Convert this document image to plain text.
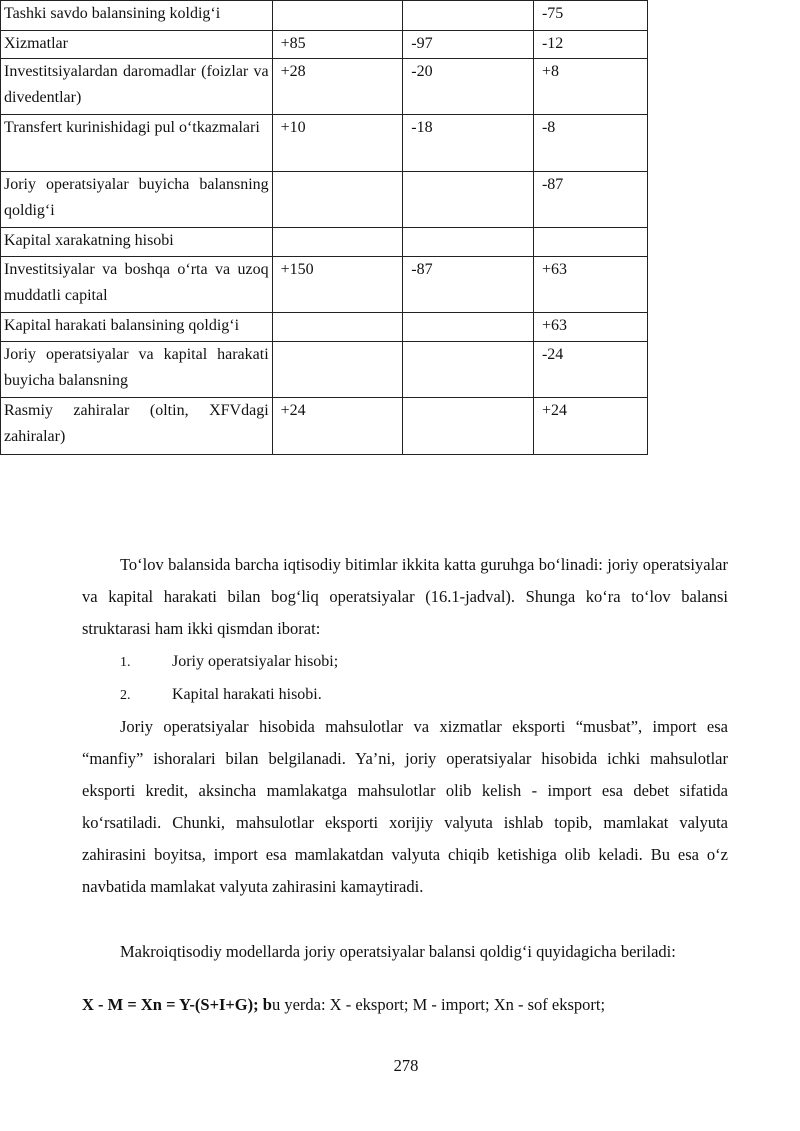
Tashki savdo balansining koldig‘i			-75
Xizmatlar	+85	-97	-12
Investitsiyalardan daromadlar (foizlar va divedentlar)	+28	-20	+8
Transfert kurinishidagi pul o‘tkazmalari	+10	-18	-8
Joriy operatsiyalar buyicha balansning qoldig‘i			-87
Kapital xarakatning hisobi			
Investitsiyalar va boshqa o‘rta va uzoq muddatli capital	+150	-87	+63
Kapital harakati balansining qoldig‘i			+63
Joriy operatsiyalar va kapital harakati buyicha balansning			-24
Rasmiy zahiralar (oltin, XFVdagi zahiralar)	+24		+24

To‘lov balansida barcha iqtisodiy bitimlar ikkita katta guruhga bo‘linadi: joriy operatsiyalar va kapital harakati bilan bog‘liq operatsiyalar (16.1-jadval). Shunga ko‘ra to‘lov balansi struktarasi ham ikki qismdan iborat:

1.	Joriy operatsiyalar hisobi;
2.	Kapital harakati hisobi.

Joriy operatsiyalar hisobida mahsulotlar va xizmatlar eksporti “musbat”, import esa “manfiy” ishoralari bilan belgilanadi. Ya’ni, joriy operatsiyalar hisobida ichki mahsulotlar eksporti kredit, aksincha mamlakatga mahsulotlar olib kelish - import esa debet sifatida ko‘rsatiladi. Chunki, mahsulotlar eksporti xorijiy valyuta ishlab topib, mamlakat valyuta zahirasini boyitsa, import esa mamlakatdan valyuta chiqib ketishiga olib keladi. Bu esa o‘z navbatida mamlakat valyuta zahirasini kamaytiradi.

Makroiqtisodiy modellarda joriy operatsiyalar balansi qoldig‘i quyidagicha beriladi:

X - M = Xn = Y-(S+I+G); bu yerda: X - eksport; M - import; Xn - sof eksport;
278
